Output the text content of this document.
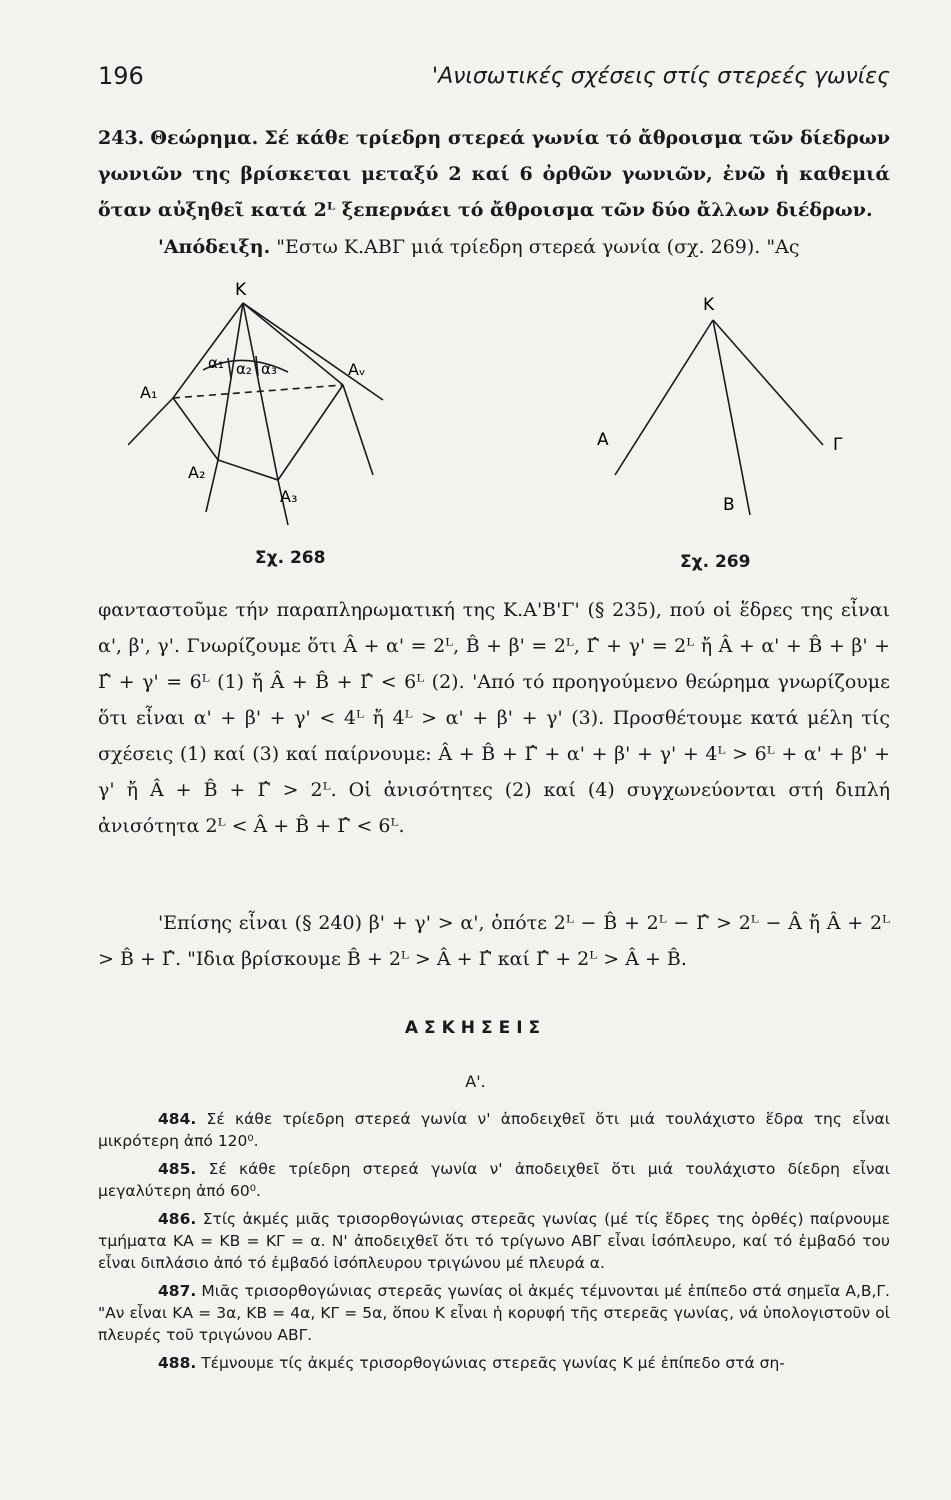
196	'Ανισωτικές σχέσεις στίς στερεές γωνίες
243. Θεώρημα. Σέ κάθε τρίεδρη στερεά γωνία τό ἄθροισμα τῶν δίεδρων γωνιῶν της βρίσκεται μεταξύ 2 καί 6 ὀρθῶν γωνιῶν, ἐνῶ ἡ καθεμιά ὅταν αὐξηθεῖ κατά 2ᴸ ξεπερνάει τό ἄθροισμα τῶν δύο ἄλλων διέδρων.
'Απόδειξη. "Εστω Κ.ΑΒΓ μιά τρίεδρη στερεά γωνία (σχ. 269). "Ας
K
A₁
A₂
A₃
Aᵥ
α₁ α₂ α₃
K
A
B
Γ
Σχ. 268	Σχ. 269
φανταστοῦμε τήν παραπληρωματική της Κ.Α'Β'Γ' (§ 235), πού οἱ ἕδρες της εἶναι α', β', γ'. Γνωρίζουμε ὅτι Â + α' = 2ᴸ, B̂ + β' = 2ᴸ, Γ̂ + γ' = 2ᴸ ἤ Â + α' + B̂ + β' + Γ̂ + γ' = 6ᴸ (1) ἤ Â + B̂ + Γ̂ < 6ᴸ (2). 'Από τό προηγούμενο θεώρημα γνωρίζουμε ὅτι εἶναι α' + β' + γ' < 4ᴸ ἤ 4ᴸ > α' + β' + γ' (3). Προσθέτουμε κατά μέλη τίς σχέσεις (1) καί (3) καί παίρνουμε: Â + B̂ + Γ̂ + α' + β' + γ' + 4ᴸ > 6ᴸ + α' + β' + γ' ἤ Â + B̂ + Γ̂ > 2ᴸ. Οἱ ἀνισότητες (2) καί (4) συγχωνεύονται στή διπλή ἀνισότητα 2ᴸ < Â + B̂ + Γ̂ < 6ᴸ.
'Επίσης εἶναι (§ 240) β' + γ' > α', ὁπότε 2ᴸ − B̂ + 2ᴸ − Γ̂ > 2ᴸ − Â ἤ Â + 2ᴸ > B̂ + Γ̂. "Ιδια βρίσκουμε B̂ + 2ᴸ > Â + Γ̂ καί Γ̂ + 2ᴸ > Â + B̂.
ΑΣΚΗΣΕΙΣ
Α'.

484. Σέ κάθε τρίεδρη στερεά γωνία ν' ἀποδειχθεῖ ὅτι μιά τουλάχιστο ἕδρα της εἶναι μικρότερη ἀπό 120⁰.

485. Σέ κάθε τρίεδρη στερεά γωνία ν' ἀποδειχθεῖ ὅτι μιά τουλάχιστο δίεδρη εἶναι μεγαλύτερη ἀπό 60⁰.

486. Στίς ἀκμές μιᾶς τρισορθογώνιας στερεᾶς γωνίας (μέ τίς ἕδρες της ὀρθές) παίρνουμε τμήματα ΚΑ = ΚΒ = ΚΓ = α. Ν' ἀποδειχθεῖ ὅτι τό τρίγωνο ΑΒΓ εἶναι ἰσόπλευρο, καί τό ἐμβαδό του εἶναι διπλάσιο ἀπό τό ἐμβαδό ἰσόπλευρου τριγώνου μέ πλευρά α.

487. Μιᾶς τρισορθογώνιας στερεᾶς γωνίας οἱ ἀκμές τέμνονται μέ ἐπίπεδο στά σημεῖα Α,Β,Γ. "Αν εἶναι ΚΑ = 3α, ΚΒ = 4α, ΚΓ = 5α, ὅπου Κ εἶναι ἡ κορυφή τῆς στερεᾶς γωνίας, νά ὑπολογιστοῦν οἱ πλευρές τοῦ τριγώνου ΑΒΓ.

488. Τέμνουμε τίς ἀκμές τρισορθογώνιας στερεᾶς γωνίας Κ μέ ἐπίπεδο στά ση-
